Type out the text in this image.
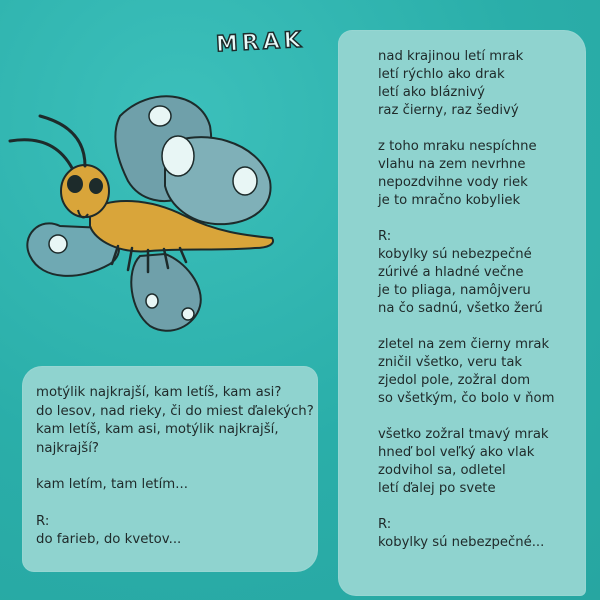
MRAK	nad krajinou letí mrak
letí rýchlo ako drak
letí ako bláznivý
raz čierny, raz šedivý
z toho mraku nespíchne
vlahu na zem nevrhne
nepozdvihne vody riek
je to mračno kobyliek
R:
kobylky sú nebezpečné
zúrivé a hladné večne
je to pliaga, namôjveru
na čo sadnú, všetko žerú
zletel na zem čierny mrak
zničil všetko, veru tak
zjedol pole, zožral dom
so všetkým, čo bolo v ňom
všetko zožral tmavý mrak
hneď bol veľký ako vlak
zodvihol sa, odletel
letí ďalej po svete
R:
kobylky sú nebezpečné...
motýlik najkrajší, kam letíš, kam asi?
do lesov, nad rieky, či do miest ďalekých?
kam letíš, kam asi, motýlik najkrajší,
najkrajší?
kam letím, tam letím...
R:
do farieb, do kvetov...
